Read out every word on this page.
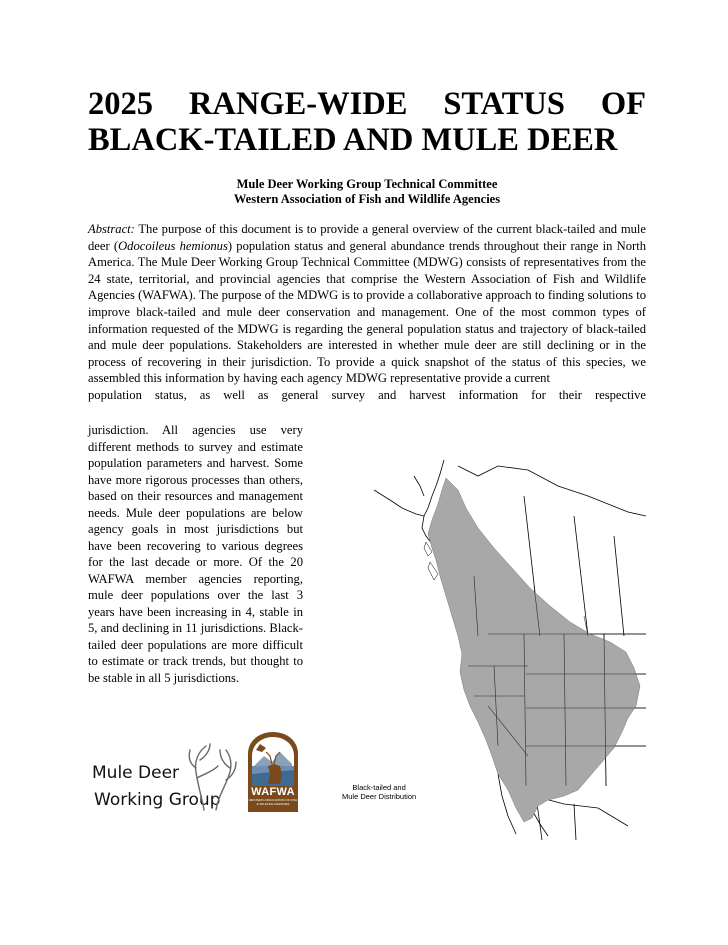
2025 RANGE-WIDE STATUS OF
BLACK-TAILED AND MULE DEER
Mule Deer Working Group Technical Committee
Western Association of Fish and Wildlife Agencies

Abstract: The purpose of this document is to provide a general overview of the current black-tailed and mule deer (Odocoileus hemionus) population status and general abundance trends throughout their range in North America. The Mule Deer Working Group Technical Committee (MDWG) consists of representatives from the 24 state, territorial, and provincial agencies that comprise the Western Association of Fish and Wildlife Agencies (WAFWA). The purpose of the MDWG is to provide a collaborative approach to finding solutions to improve black-tailed and mule deer conservation and management. One of the most common types of information requested of the MDWG is regarding the general population status and trajectory of black-tailed and mule deer populations. Stakeholders are interested in whether mule deer are still declining or in the process of recovering in their jurisdiction. To provide a quick snapshot of the status of this species, we assembled this information by having each agency MDWG representative provide a current
population status, as well as general survey and harvest information for their respective

jurisdiction. All agencies use very different methods to survey and estimate population parameters and harvest. Some have more rigorous processes than others, based on their resources and management needs. Mule deer populations are below agency goals in most jurisdictions but have been recovering to various degrees for the last decade or more. Of the 20 WAFWA member agencies reporting, mule deer populations over the last 3 years have been increasing in 4, stable in 5, and declining in 11 jurisdictions. Black-tailed deer populations are more difficult to estimate or track trends, but thought to be stable in all 5 jurisdictions.

Black-tailed and
Mule Deer Distribution
Mule Deer
Working Group	WAFWA
WESTERN ASSOCIATION OF FISH & WILDLIFE AGENCIES
